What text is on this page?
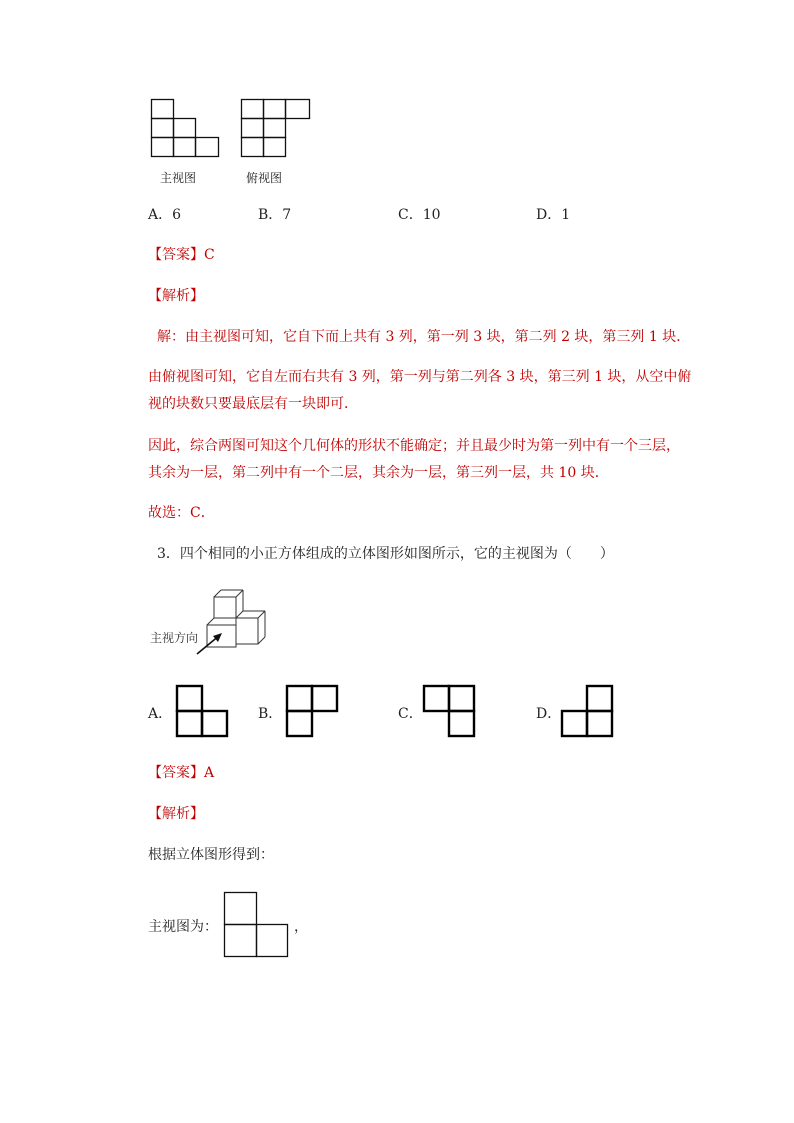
主视图	俯视图
A．6	B．7	C．10	D．1
【答案】C
【解析】
解：由主视图可知，它自下而上共有 3 列，第一列 3 块，第二列 2 块，第三列 1 块．
由俯视图可知，它自左而右共有 3 列，第一列与第二列各 3 块，第三列 1 块，从空中俯
视的块数只要最底层有一块即可．
因此，综合两图可知这个几何体的形状不能确定；并且最少时为第一列中有一个三层，
其余为一层，第二列中有一个二层，其余为一层，第三列一层，共 10 块．
故选：C．
3．四个相同的小正方体组成的立体图形如图所示，它的主视图为（　　）
主视方向
A．	B．	C．	D．
【答案】A
【解析】
根据立体图形得到：
主视图为：	，
